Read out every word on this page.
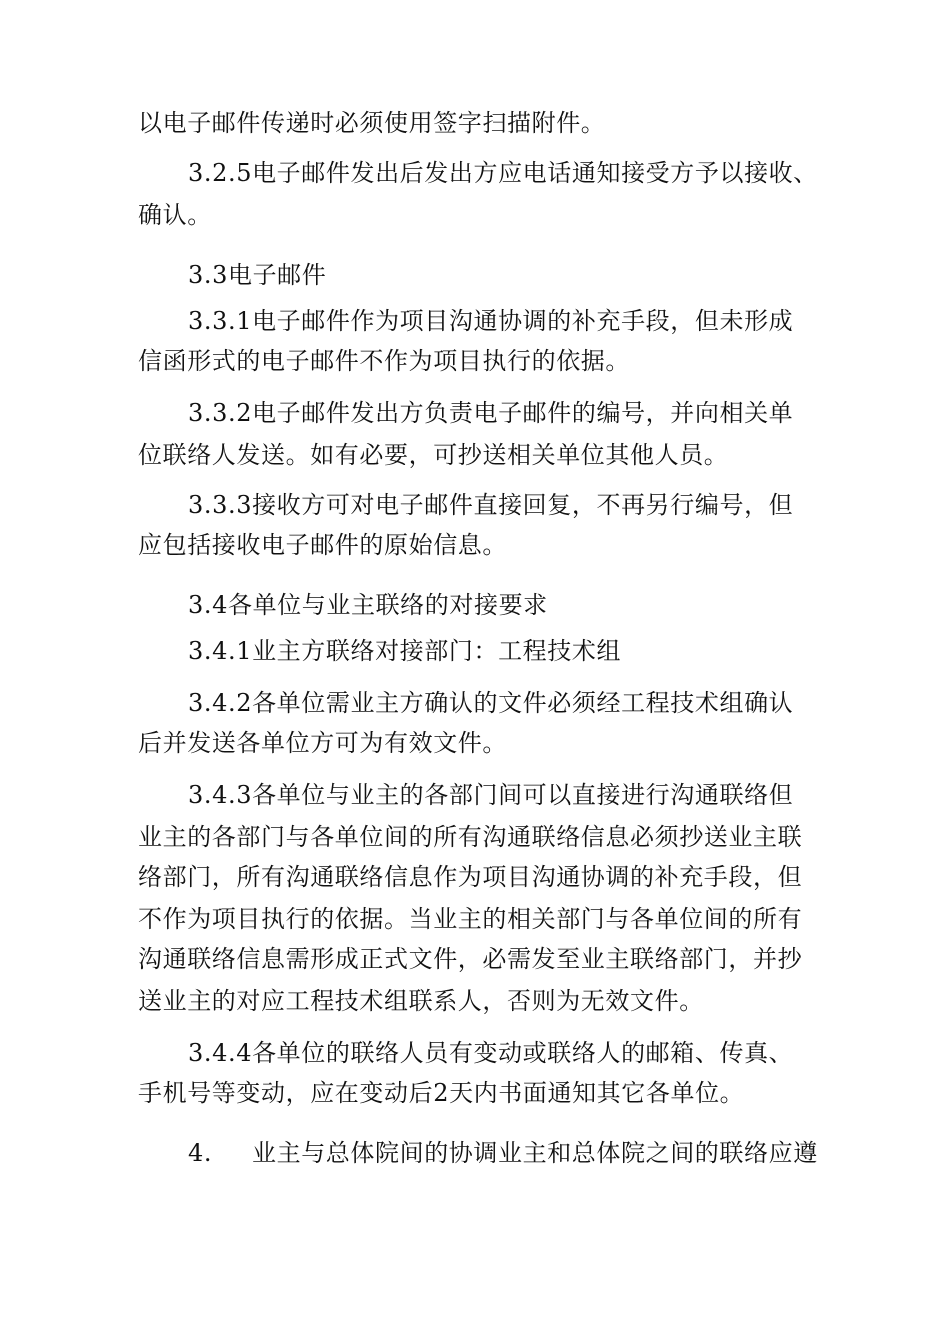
以电子邮件传递时必须使用签字扫描附件。
3.2.5电子邮件发出后发出方应电话通知接受方予以接收、
确认。
3.3电子邮件
3.3.1电子邮件作为项目沟通协调的补充手段，但未形成
信函形式的电子邮件不作为项目执行的依据。
3.3.2电子邮件发出方负责电子邮件的编号，并向相关单
位联络人发送。如有必要，可抄送相关单位其他人员。
3.3.3接收方可对电子邮件直接回复，不再另行编号，但
应包括接收电子邮件的原始信息。
3.4各单位与业主联络的对接要求
3.4.1业主方联络对接部门：工程技术组
3.4.2各单位需业主方确认的文件必须经工程技术组确认
后并发送各单位方可为有效文件。
3.4.3各单位与业主的各部门间可以直接进行沟通联络但
业主的各部门与各单位间的所有沟通联络信息必须抄送业主联
络部门，所有沟通联络信息作为项目沟通协调的补充手段，但
不作为项目执行的依据。当业主的相关部门与各单位间的所有
沟通联络信息需形成正式文件，必需发至业主联络部门，并抄
送业主的对应工程技术组联系人，否则为无效文件。
3.4.4各单位的联络人员有变动或联络人的邮箱、传真、
手机号等变动，应在变动后2天内书面通知其它各单位。
4. 业主与总体院间的协调业主和总体院之间的联络应遵
